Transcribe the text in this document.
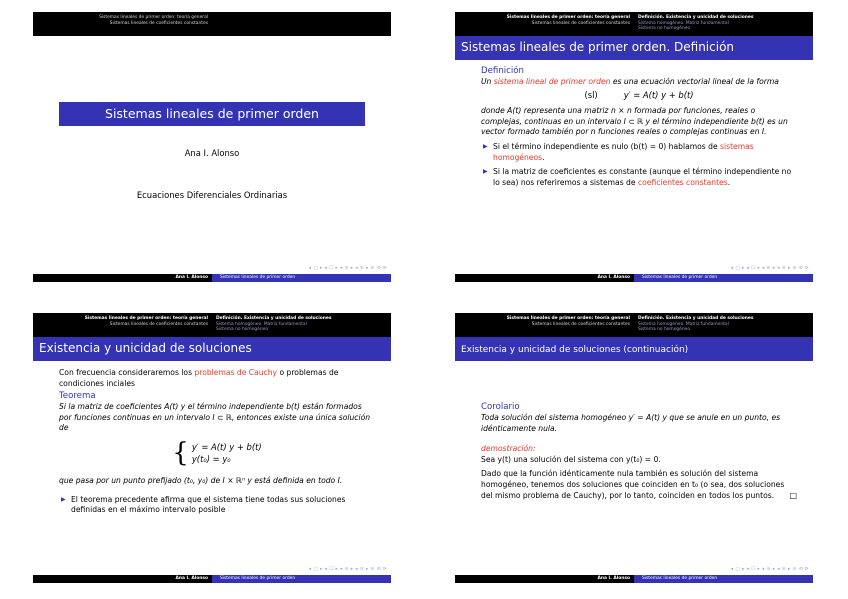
Sistemas lineales de primer orden: teoría general
Sistemas lineales de coeficientes constantes
Sistemas lineales de primer orden
Ana I. Alonso
Ecuaciones Diferenciales Ordinarias
◂ ▢ ▸ ◂ ☐ ▸ ◂ ≡ ▸ ◂ ≡ ▸ ≡ ⟲ ⟳
Ana I. Alonso	Sistemas lineales de primer orden
Sistemas lineales de primer orden: teoría general
Sistemas lineales de coeficientes constantes
Definición. Existencia y unicidad de soluciones
Sistema homogéneo. Matriz fundamental
Sistema no homogéneo
Sistemas lineales de primer orden. Definición
Definición
Un sistema lineal de primer orden es una ecuación vectorial lineal de la forma
(sl)	y′ = A(t) y + b(t)
donde A(t) representa una matriz n × n formada por funciones, reales o complejas, continuas en un intervalo I ⊂ ℝ y el término independiente b(t) es un vector formado también por n funciones reales o complejas continuas en I.
▶ Si el término independiente es nulo (b(t) = 0) hablamos de sistemas homogéneos.
▶ Si la matriz de coeficientes es constante (aunque el término independiente no lo sea) nos referiremos a sistemas de coeficientes constantes.
◂ ▢ ▸ ◂ ☐ ▸ ◂ ≡ ▸ ◂ ≡ ▸ ≡ ⟲ ⟳
Ana I. Alonso	Sistemas lineales de primer orden
Sistemas lineales de primer orden: teoría general
Sistemas lineales de coeficientes constantes
Definición. Existencia y unicidad de soluciones
Sistema homogéneo. Matriz fundamental
Sistema no homogéneo
Existencia y unicidad de soluciones
Con frecuencia consideraremos los problemas de Cauchy o problemas de condiciones inciales
Teorema
Si la matriz de coeficientes A(t) y el término independiente b(t) están formados por funciones continuas en un intervalo I ⊂ ℝ, entonces existe una única solución de
{ y′ = A(t) y + b(t)
y(t₀) = y₀
que pasa por un punto prefijado (t₀, y₀) de I × ℝⁿ y está definida en todo I.
▶ El teorema precedente afirma que el sistema tiene todas sus soluciones definidas en el máximo intervalo posible
◂ ▢ ▸ ◂ ☐ ▸ ◂ ≡ ▸ ◂ ≡ ▸ ≡ ⟲ ⟳
Ana I. Alonso	Sistemas lineales de primer orden
Sistemas lineales de primer orden: teoría general
Sistemas lineales de coeficientes constantes
Definición. Existencia y unicidad de soluciones
Sistema homogéneo. Matriz fundamental
Sistema no homogéneo
Existencia y unicidad de soluciones (continuación)
Corolario
Toda solución del sistema homogéneo y′ = A(t) y que se anule en un punto, es idénticamente nula.
demostración:
Sea y(t) una solución del sistema con y(t₀) = 0.
Dado que la función idénticamente nula también es solución del sistema homogéneo, tenemos dos soluciones que coinciden en t₀ (o sea, dos soluciones del mismo problema de Cauchy), por lo tanto, coinciden en todos los puntos. □
◂ ▢ ▸ ◂ ☐ ▸ ◂ ≡ ▸ ◂ ≡ ▸ ≡ ⟲ ⟳
Ana I. Alonso	Sistemas lineales de primer orden
